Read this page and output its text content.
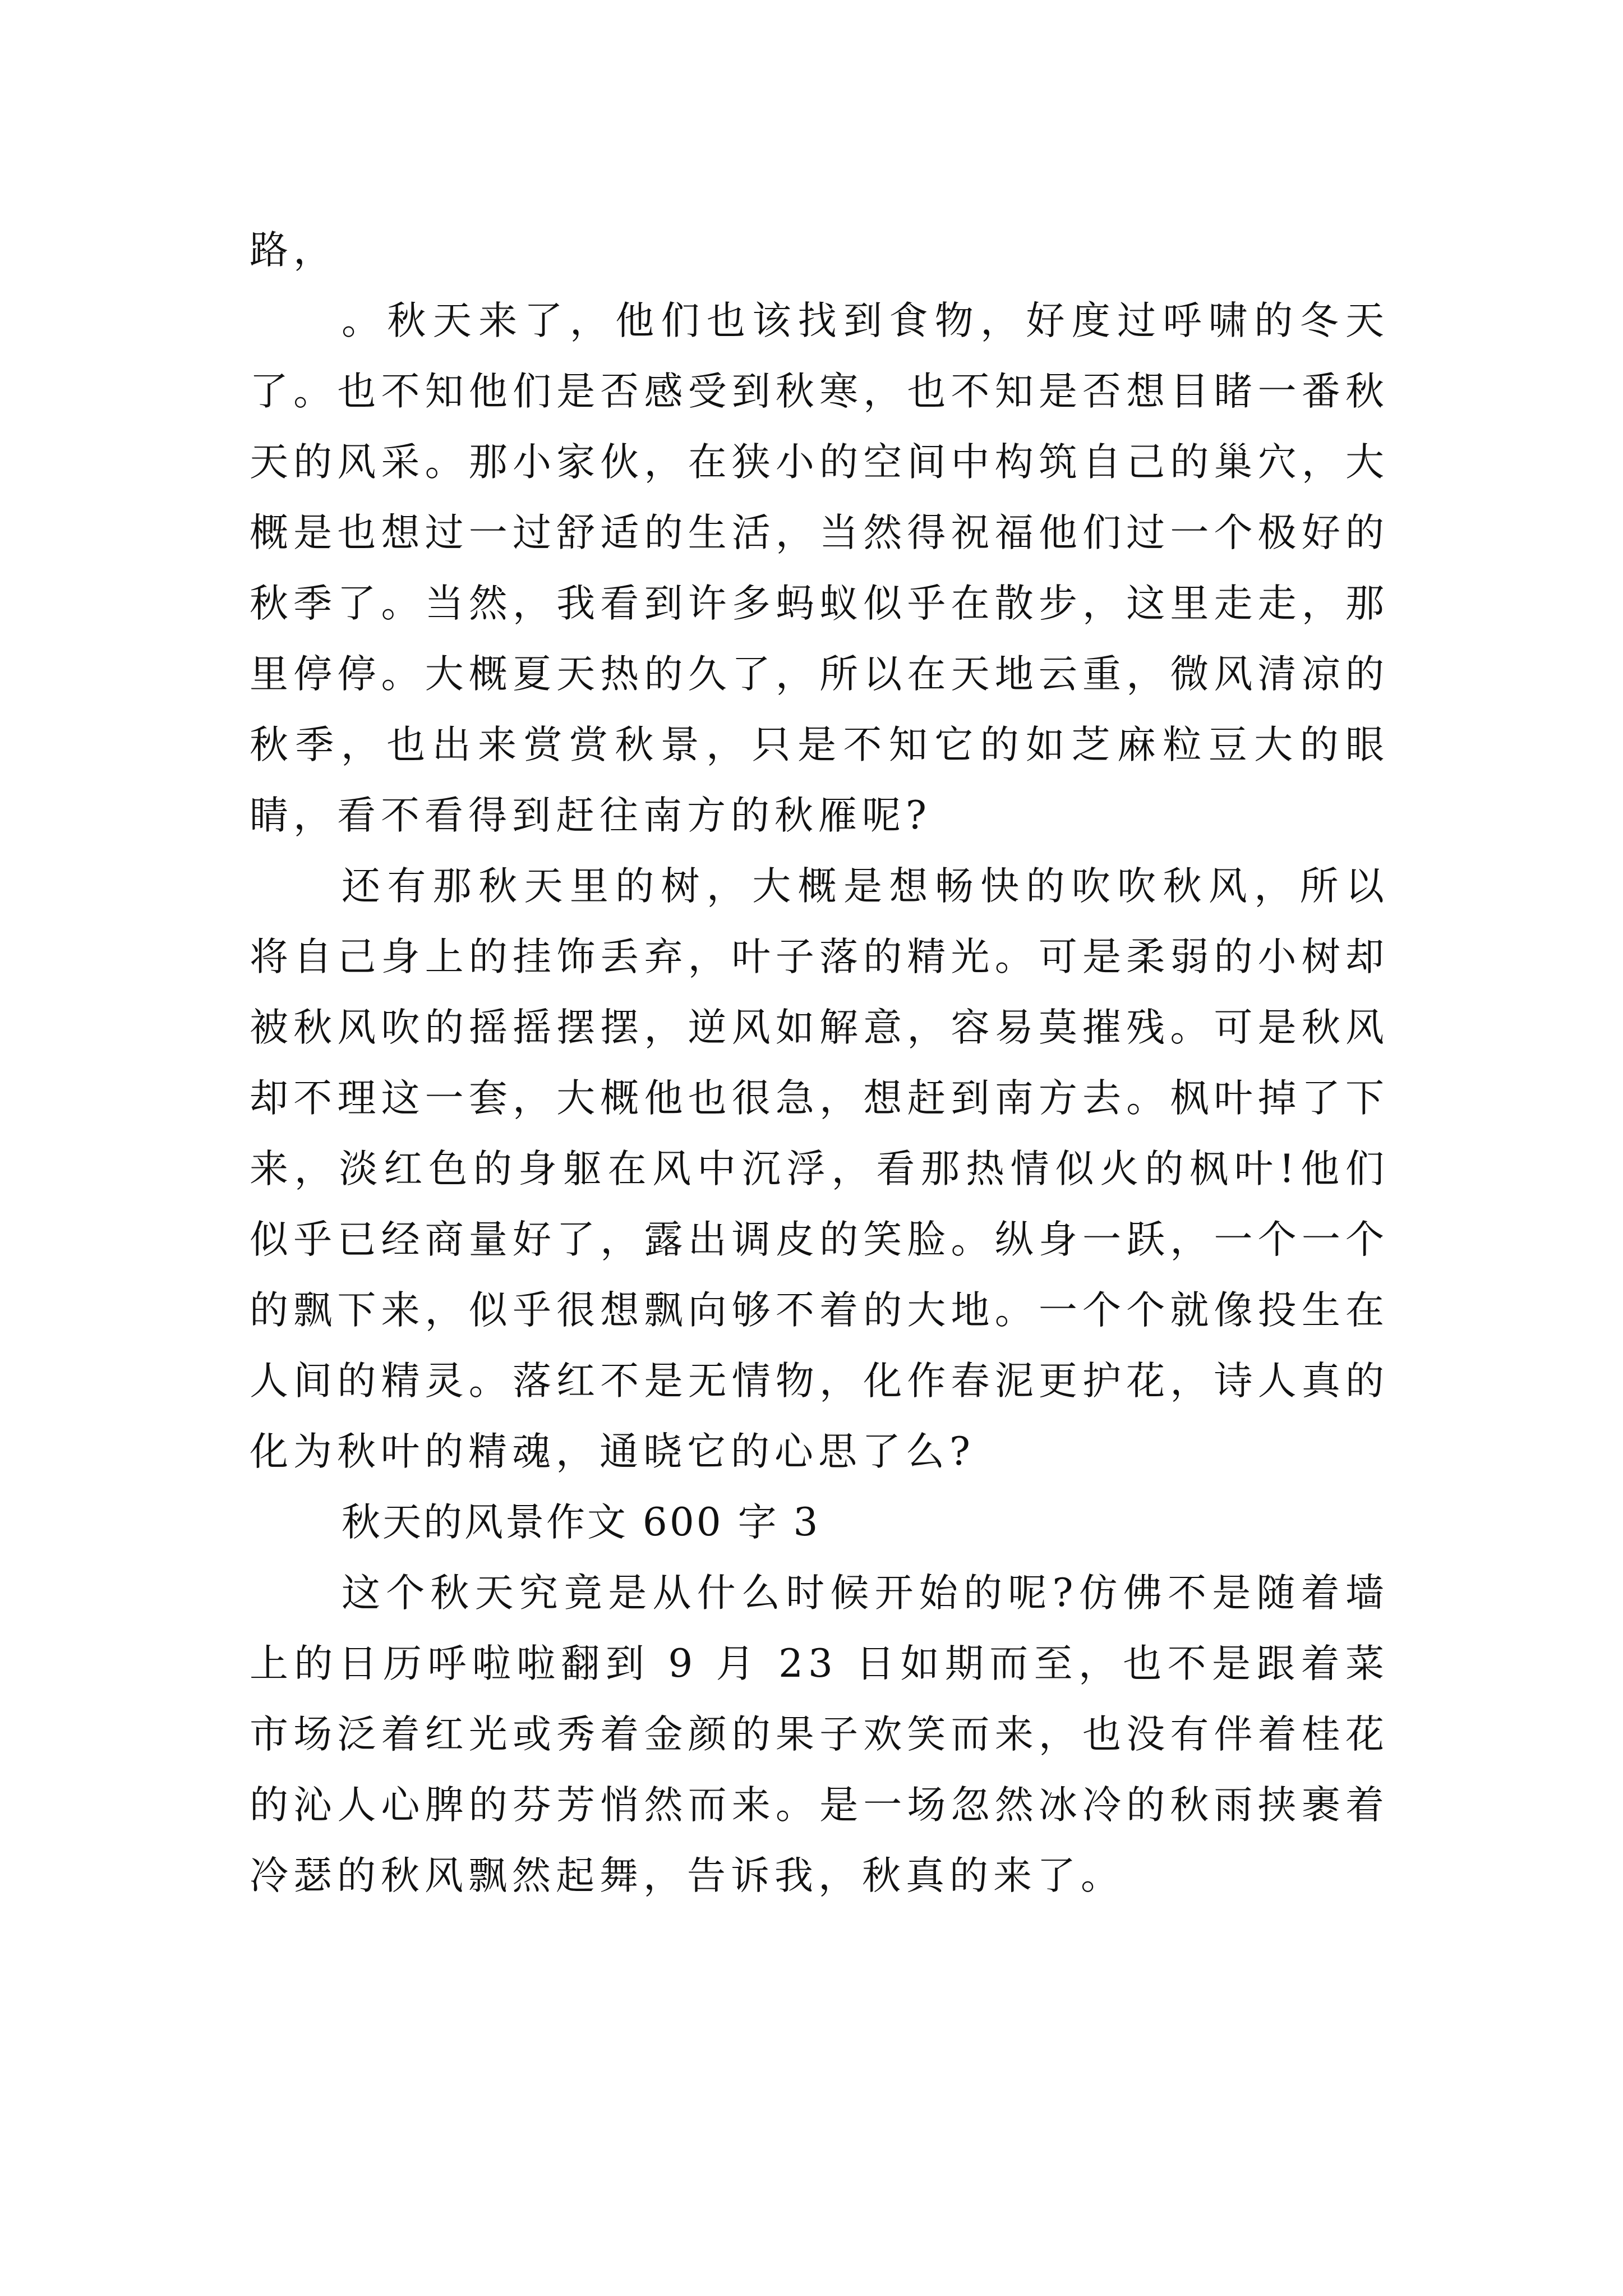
路，

。秋天来了，他们也该找到食物，好度过呼啸的冬天了。也不知他们是否感受到秋寒，也不知是否想目睹一番秋天的风采。那小家伙，在狭小的空间中构筑自己的巢穴，大概是也想过一过舒适的生活，当然得祝福他们过一个极好的秋季了。当然，我看到许多蚂蚁似乎在散步，这里走走，那里停停。大概夏天热的久了，所以在天地云重，微风清凉的秋季，也出来赏赏秋景，只是不知它的如芝麻粒豆大的眼睛，看不看得到赶往南方的秋雁呢?

还有那秋天里的树，大概是想畅快的吹吹秋风，所以将自己身上的挂饰丢弃，叶子落的精光。可是柔弱的小树却被秋风吹的摇摇摆摆，逆风如解意，容易莫摧残。可是秋风却不理这一套，大概他也很急，想赶到南方去。枫叶掉了下来，淡红色的身躯在风中沉浮，看那热情似火的枫叶!他们似乎已经商量好了，露出调皮的笑脸。纵身一跃，一个一个的飘下来，似乎很想飘向够不着的大地。一个个就像投生在人间的精灵。落红不是无情物，化作春泥更护花，诗人真的化为秋叶的精魂，通晓它的心思了么?

秋天的风景作文 600 字 3

这个秋天究竟是从什么时候开始的呢?仿佛不是随着墙上的日历呼啦啦翻到 9 月 23 日如期而至，也不是跟着菜市场泛着红光或秀着金颜的果子欢笑而来，也没有伴着桂花的沁人心脾的芬芳悄然而来。是一场忽然冰冷的秋雨挟裹着冷瑟的秋风飘然起舞，告诉我，秋真的来了。
